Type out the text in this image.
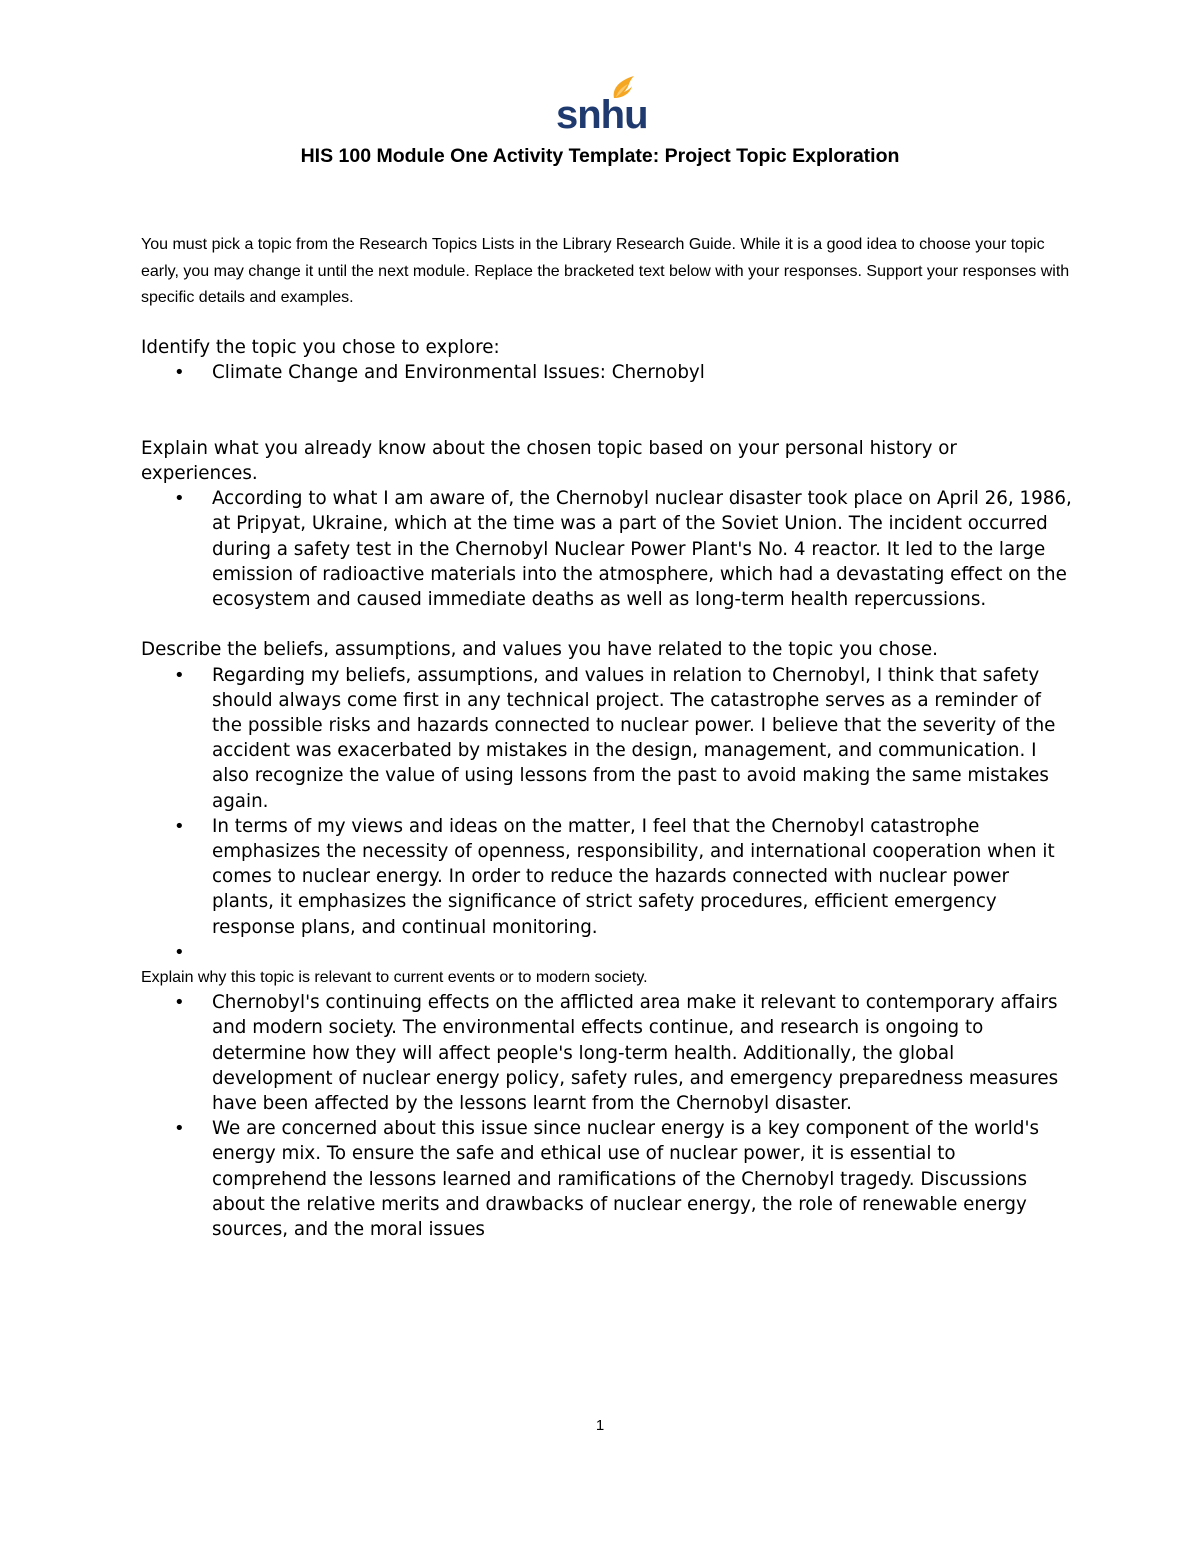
snhu
HIS 100 Module One Activity Template: Project Topic Exploration

You must pick a topic from the Research Topics Lists in the Library Research Guide. While it is a good idea to choose your topic early, you may change it until the next module. Replace the bracketed text below with your responses. Support your responses with specific details and examples.

Identify the topic you chose to explore:

• Climate Change and Environmental Issues: Chernobyl

Explain what you already know about the chosen topic based on your personal history or experiences.

• According to what I am aware of, the Chernobyl nuclear disaster took place on April 26, 1986, at Pripyat, Ukraine, which at the time was a part of the Soviet Union. The incident occurred during a safety test in the Chernobyl Nuclear Power Plant's No. 4 reactor. It led to the large emission of radioactive materials into the atmosphere, which had a devastating effect on the ecosystem and caused immediate deaths as well as long-term health repercussions.

Describe the beliefs, assumptions, and values you have related to the topic you chose.

• Regarding my beliefs, assumptions, and values in relation to Chernobyl, I think that safety should always come first in any technical project. The catastrophe serves as a reminder of the possible risks and hazards connected to nuclear power. I believe that the severity of the accident was exacerbated by mistakes in the design, management, and communication. I also recognize the value of using lessons from the past to avoid making the same mistakes again.
• In terms of my views and ideas on the matter, I feel that the Chernobyl catastrophe emphasizes the necessity of openness, responsibility, and international cooperation when it comes to nuclear energy. In order to reduce the hazards connected with nuclear power plants, it emphasizes the significance of strict safety procedures, efficient emergency response plans, and continual monitoring.
•

Explain why this topic is relevant to current events or to modern society.

• Chernobyl's continuing effects on the afflicted area make it relevant to contemporary affairs and modern society. The environmental effects continue, and research is ongoing to determine how they will affect people's long-term health. Additionally, the global development of nuclear energy policy, safety rules, and emergency preparedness measures have been affected by the lessons learnt from the Chernobyl disaster.
• We are concerned about this issue since nuclear energy is a key component of the world's energy mix. To ensure the safe and ethical use of nuclear power, it is essential to comprehend the lessons learned and ramifications of the Chernobyl tragedy. Discussions about the relative merits and drawbacks of nuclear energy, the role of renewable energy sources, and the moral issues
1
